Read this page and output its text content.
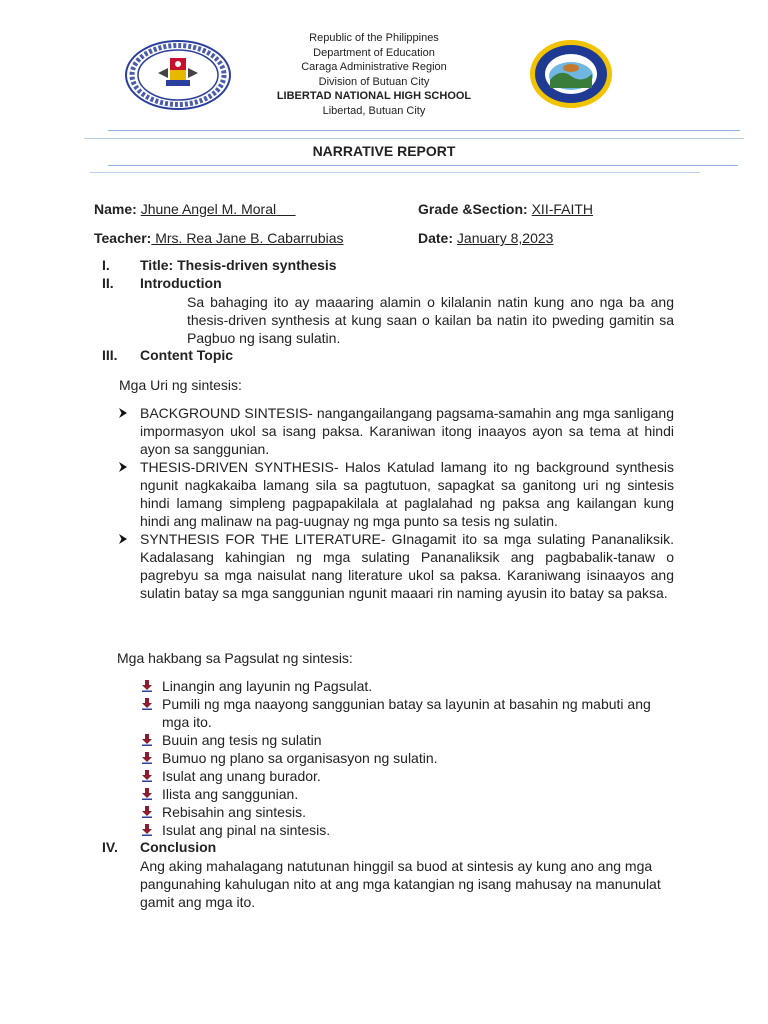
Republic of the Philippines
Department of Education
Caraga Administrative Region
Division of Butuan City
LIBERTAD NATIONAL HIGH SCHOOL
Libertad, Butuan City
NARRATIVE REPORT
Name: Jhune Angel M. Moral	Grade &Section: XII-FAITH
Teacher: Mrs. Rea Jane B. Cabarrubias	Date: January 8,2023
I. Title: Thesis-driven synthesis
II. Introduction
Sa bahaging ito ay maaaring alamin o kilalanin natin kung ano nga ba ang thesis-driven synthesis at kung saan o kailan ba natin ito pweding gamitin sa Pagbuo ng isang sulatin.
III. Content Topic
Mga Uri ng sintesis:
BACKGROUND SINTESIS- nangangailangang pagsama-samahin ang mga sanligang impormasyon ukol sa isang paksa. Karaniwan itong inaayos ayon sa tema at hindi ayon sa sanggunian.
THESIS-DRIVEN SYNTHESIS- Halos Katulad lamang ito ng background synthesis ngunit nagkakaiba lamang sila sa pagtutuon, sapagkat sa ganitong uri ng sintesis hindi lamang simpleng pagpapakilala at paglalahad ng paksa ang kailangan kung hindi ang malinaw na pag-uugnay ng mga punto sa tesis ng sulatin.
SYNTHESIS FOR THE LITERATURE- GInagamit ito sa mga sulating Pananaliksik. Kadalasang kahingian ng mga sulating Pananaliksik ang pagbabalik-tanaw o pagrebyu sa mga naisulat nang literature ukol sa paksa. Karaniwang isinaayos ang sulatin batay sa mga sanggunian ngunit maaari rin naming ayusin ito batay sa paksa.
Mga hakbang sa Pagsulat ng sintesis:
Linangin ang layunin ng Pagsulat.
Pumili ng mga naayong sanggunian batay sa layunin at basahin ng mabuti ang mga ito.
Buuin ang tesis ng sulatin
Bumuo ng plano sa organisasyon ng sulatin.
Isulat ang unang burador.
Ilista ang sanggunian.
Rebisahin ang sintesis.
Isulat ang pinal na sintesis.
IV. Conclusion
Ang aking mahalagang natutunan hinggil sa buod at sintesis ay kung ano ang mga pangunahing kahulugan nito at ang mga katangian ng isang mahusay na manunulat gamit ang mga ito.
